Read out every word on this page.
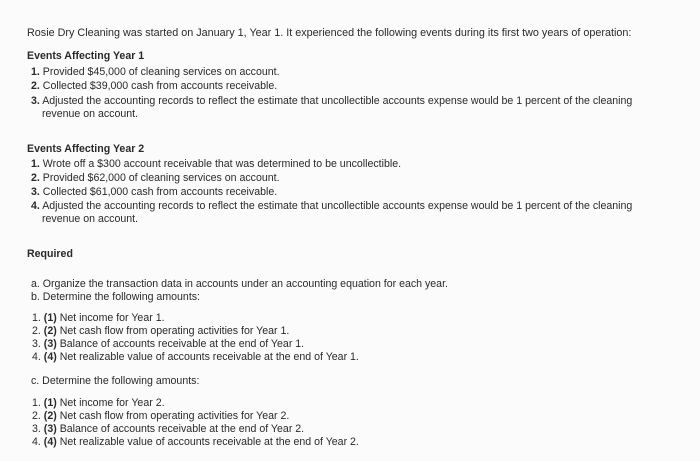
Rosie Dry Cleaning was started on January 1, Year 1. It experienced the following events during its first two years of operation:
Events Affecting Year 1
1. Provided $45,000 of cleaning services on account.
2. Collected $39,000 cash from accounts receivable.
3. Adjusted the accounting records to reflect the estimate that uncollectible accounts expense would be 1 percent of the cleaning
revenue on account.
Events Affecting Year 2
1. Wrote off a $300 account receivable that was determined to be uncollectible.
2. Provided $62,000 of cleaning services on account.
3. Collected $61,000 cash from accounts receivable.
4. Adjusted the accounting records to reflect the estimate that uncollectible accounts expense would be 1 percent of the cleaning
revenue on account.
Required
a. Organize the transaction data in accounts under an accounting equation for each year.
b. Determine the following amounts:
1. (1) Net income for Year 1.
2. (2) Net cash flow from operating activities for Year 1.
3. (3) Balance of accounts receivable at the end of Year 1.
4. (4) Net realizable value of accounts receivable at the end of Year 1.
c. Determine the following amounts:
1. (1) Net income for Year 2.
2. (2) Net cash flow from operating activities for Year 2.
3. (3) Balance of accounts receivable at the end of Year 2.
4. (4) Net realizable value of accounts receivable at the end of Year 2.
